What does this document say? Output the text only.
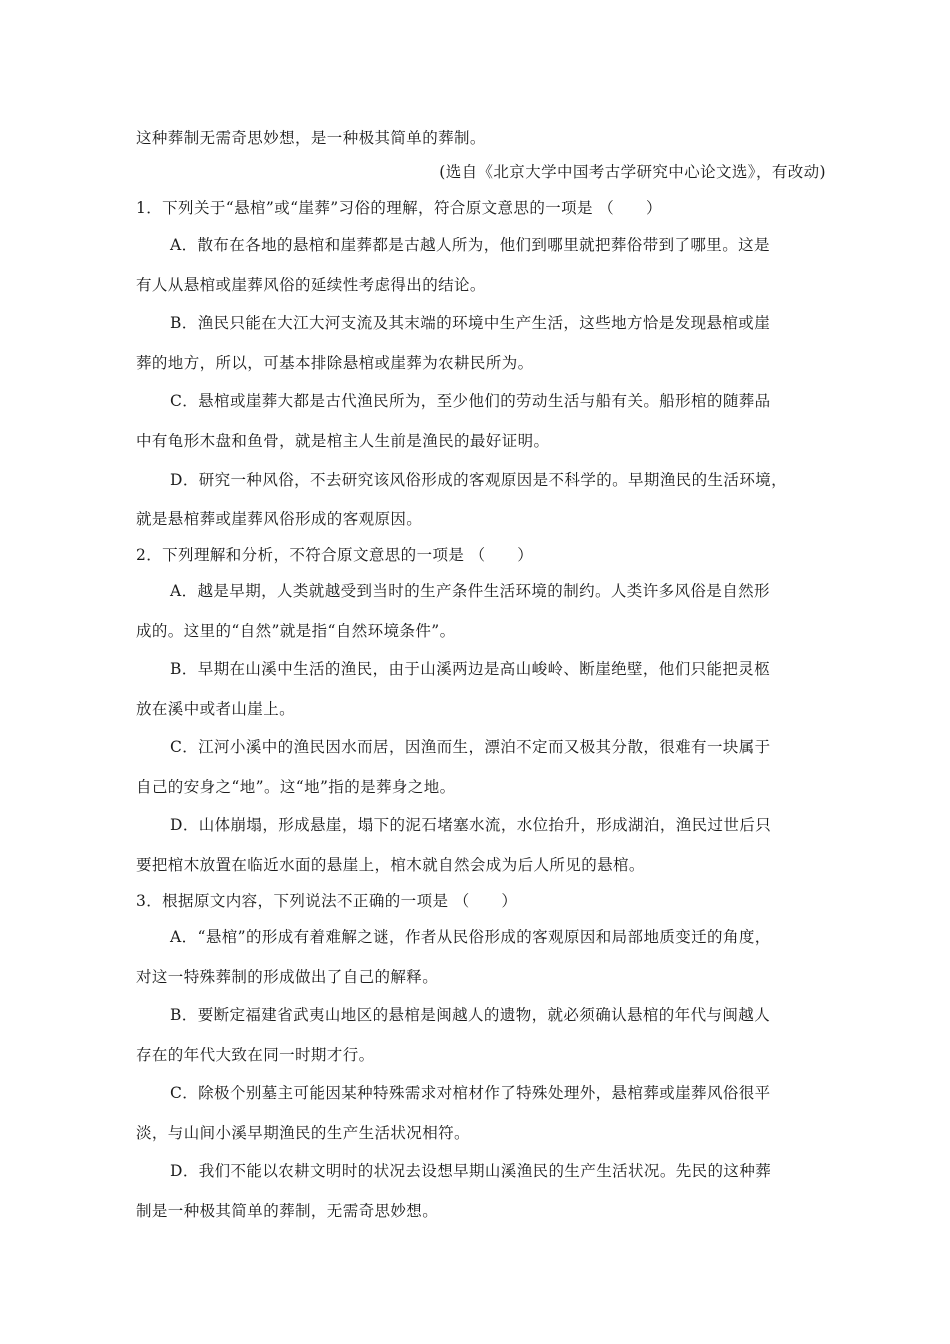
这种葬制无需奇思妙想，是一种极其简单的葬制。
(选自《北京大学中国考古学研究中心论文选》，有改动)
1．下列关于“悬棺”或“崖葬”习俗的理解，符合原文意思的一项是 （　　）
A．散布在各地的悬棺和崖葬都是古越人所为，他们到哪里就把葬俗带到了哪里。这是
有人从悬棺或崖葬风俗的延续性考虑得出的结论。
B．渔民只能在大江大河支流及其末端的环境中生产生活，这些地方恰是发现悬棺或崖
葬的地方，所以，可基本排除悬棺或崖葬为农耕民所为。
C．悬棺或崖葬大都是古代渔民所为，至少他们的劳动生活与船有关。船形棺的随葬品
中有龟形木盘和鱼骨，就是棺主人生前是渔民的最好证明。
D．研究一种风俗，不去研究该风俗形成的客观原因是不科学的。早期渔民的生活环境，
就是悬棺葬或崖葬风俗形成的客观原因。
2．下列理解和分析，不符合原文意思的一项是 （　　）
A．越是早期，人类就越受到当时的生产条件生活环境的制约。人类许多风俗是自然形
成的。这里的“自然”就是指“自然环境条件”。
B．早期在山溪中生活的渔民，由于山溪两边是高山峻岭、断崖绝壁，他们只能把灵柩
放在溪中或者山崖上。
C．江河小溪中的渔民因水而居，因渔而生，漂泊不定而又极其分散，很难有一块属于
自己的安身之“地”。这“地”指的是葬身之地。
D．山体崩塌，形成悬崖，塌下的泥石堵塞水流，水位抬升，形成湖泊，渔民过世后只
要把棺木放置在临近水面的悬崖上，棺木就自然会成为后人所见的悬棺。
3．根据原文内容，下列说法不正确的一项是 （　　）
A．“悬棺”的形成有着难解之谜，作者从民俗形成的客观原因和局部地质变迁的角度，
对这一特殊葬制的形成做出了自己的解释。
B．要断定福建省武夷山地区的悬棺是闽越人的遗物，就必须确认悬棺的年代与闽越人
存在的年代大致在同一时期才行。
C．除极个别墓主可能因某种特殊需求对棺材作了特殊处理外，悬棺葬或崖葬风俗很平
淡，与山间小溪早期渔民的生产生活状况相符。
D．我们不能以农耕文明时的状况去设想早期山溪渔民的生产生活状况。先民的这种葬
制是一种极其简单的葬制，无需奇思妙想。
